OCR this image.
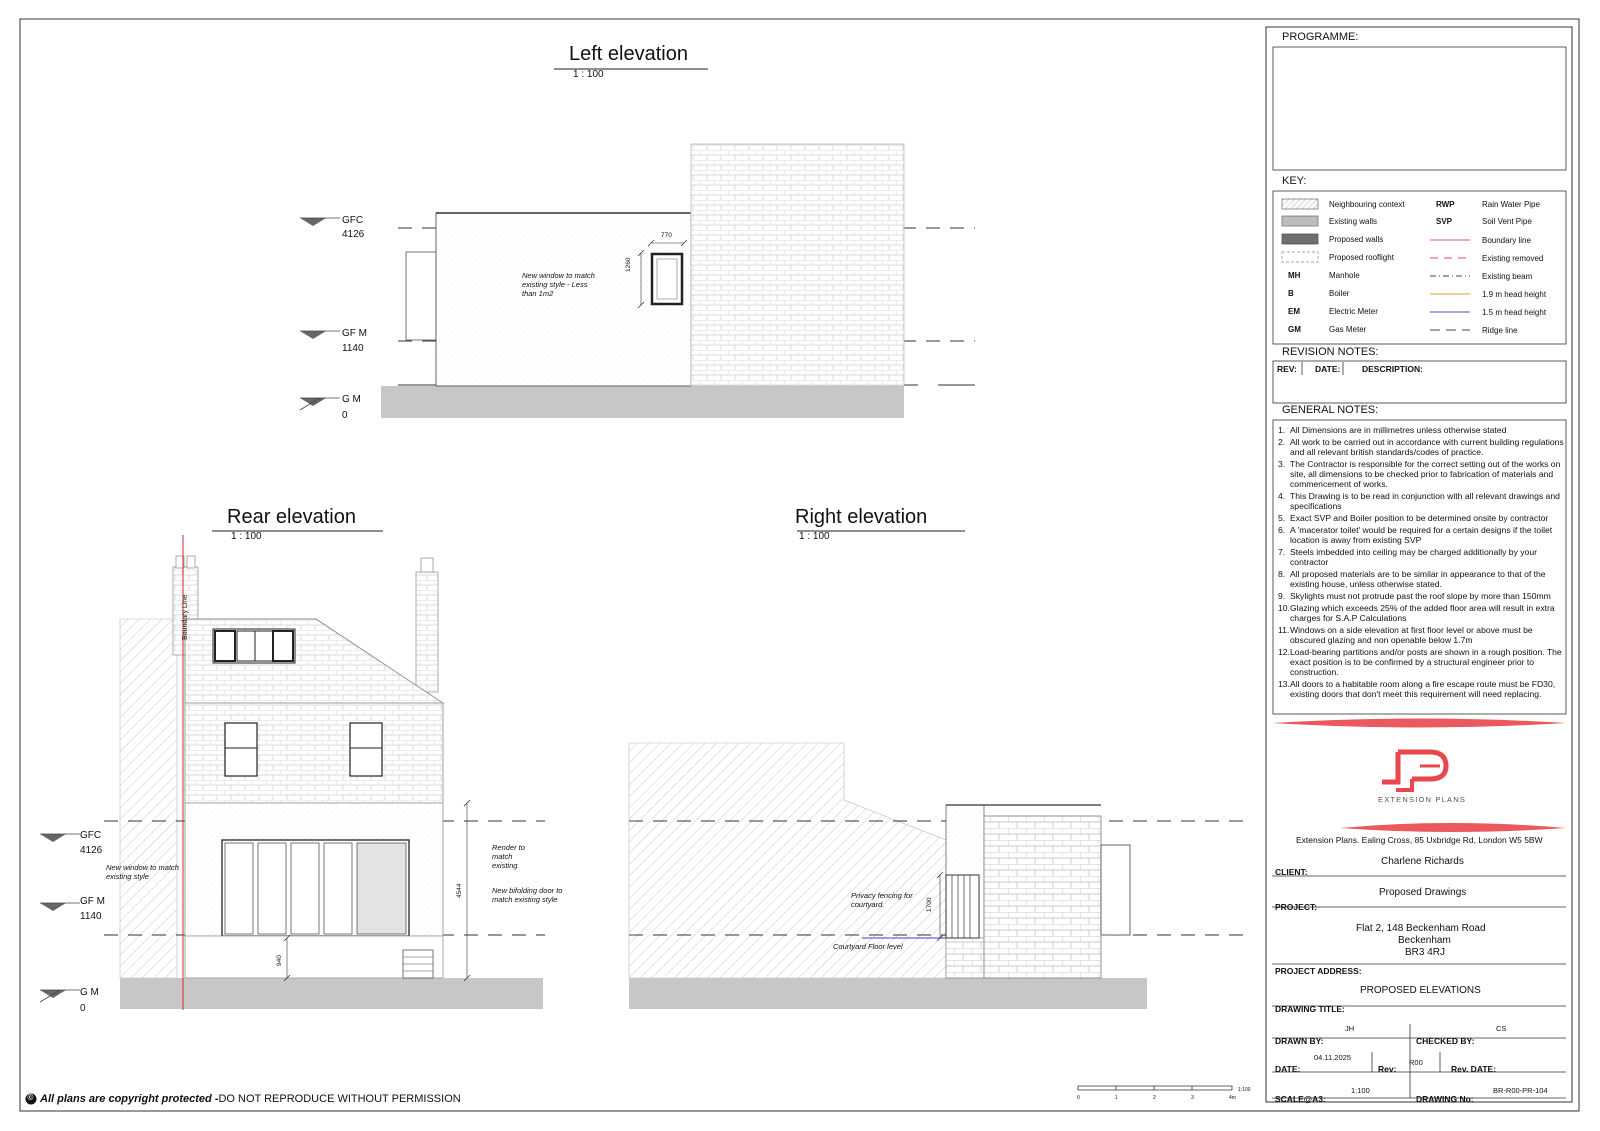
Left elevation
1 : 100
GFC
4126
GF M
1140
G M
0
New window to match existing style - Less than 1m2
770
1260
Rear elevation
1 : 100
GFC
4126
GF M
1140
G M
0
New window to match existing style
Boundary Line
Render to match existing
New bifolding door to match existing style
4544
940
Right elevation
1 : 100
Privacy fencing for courtyard.
Courtyard Floor level
1700
PROGRAMME:
KEY:
REVISION NOTES:
GENERAL NOTES:
Neighbouring context
Existing walls
Proposed walls
Proposed rooflight
MH	Manhole
B	Boiler
EM	Electric Meter
GM	Gas Meter
RWP	Rain Water Pipe
SVP	Soil Vent Pipe
Boundary line
Existing removed
Existing beam
1.9 m head height
1.5 m head height
Ridge line
REV: DATE:	DESCRIPTION:
1. All Dimensions are in millimetres unless otherwise stated
2. All work to be carried out in accordance with current building regulations and all relevant british standards/codes of practice.
3. The Contractor is responsible for the correct setting out of the works on site, all dimensions to be checked prior to fabrication of materials and commencement of works.
4. This Drawing is to be read in conjunction with all relevant drawings and specifications
5. Exact SVP and Boiler position to be determined onsite by contractor
6. A 'macerator toilet' would be required for a certain designs if the toilet location is away from existing SVP
7. Steels imbedded into ceiling may be charged additionally by your contractor
8. All proposed materials are to be similar in appearance to that of the existing house, unless otherwise stated.
9. Skylights must not protrude past the roof slope by more than 150mm
10. Glazing which exceeds 25% of the added floor area will result in extra charges for S.A.P Calculations
11. Windows on a side elevation at first floor level or above must be obscured glazing and non openable below 1.7m
12. Load-bearing partitions and/or posts are shown in a rough position. The exact position is to be confirmed by a structural engineer prior to construction.
13. All doors to a habitable room along a fire escape route must be FD30, existing doors that don't meet this requirement will need replacing.
EXTENSION PLANS
Extension Plans. Ealing Cross, 85 Uxbridge Rd, London W5 5BW
Charlene Richards
CLIENT:
Proposed Drawings
PROJECT:
Flat 2, 148 Beckenham Road
Beckenham
BR3 4RJ
PROJECT ADDRESS:
PROPOSED ELEVATIONS
DRAWING TITLE:
JH	CS
DRAWN BY:	CHECKED BY:
04.11.2025
R00
DATE:	Rev:	Rev. DATE:
1:100	BR-R00-PR-104
SCALE@A3:	DRAWING No:
0	1	2	3	4m
1:100
© All plans are copyright protected -DO NOT REPRODUCE WITHOUT PERMISSION
